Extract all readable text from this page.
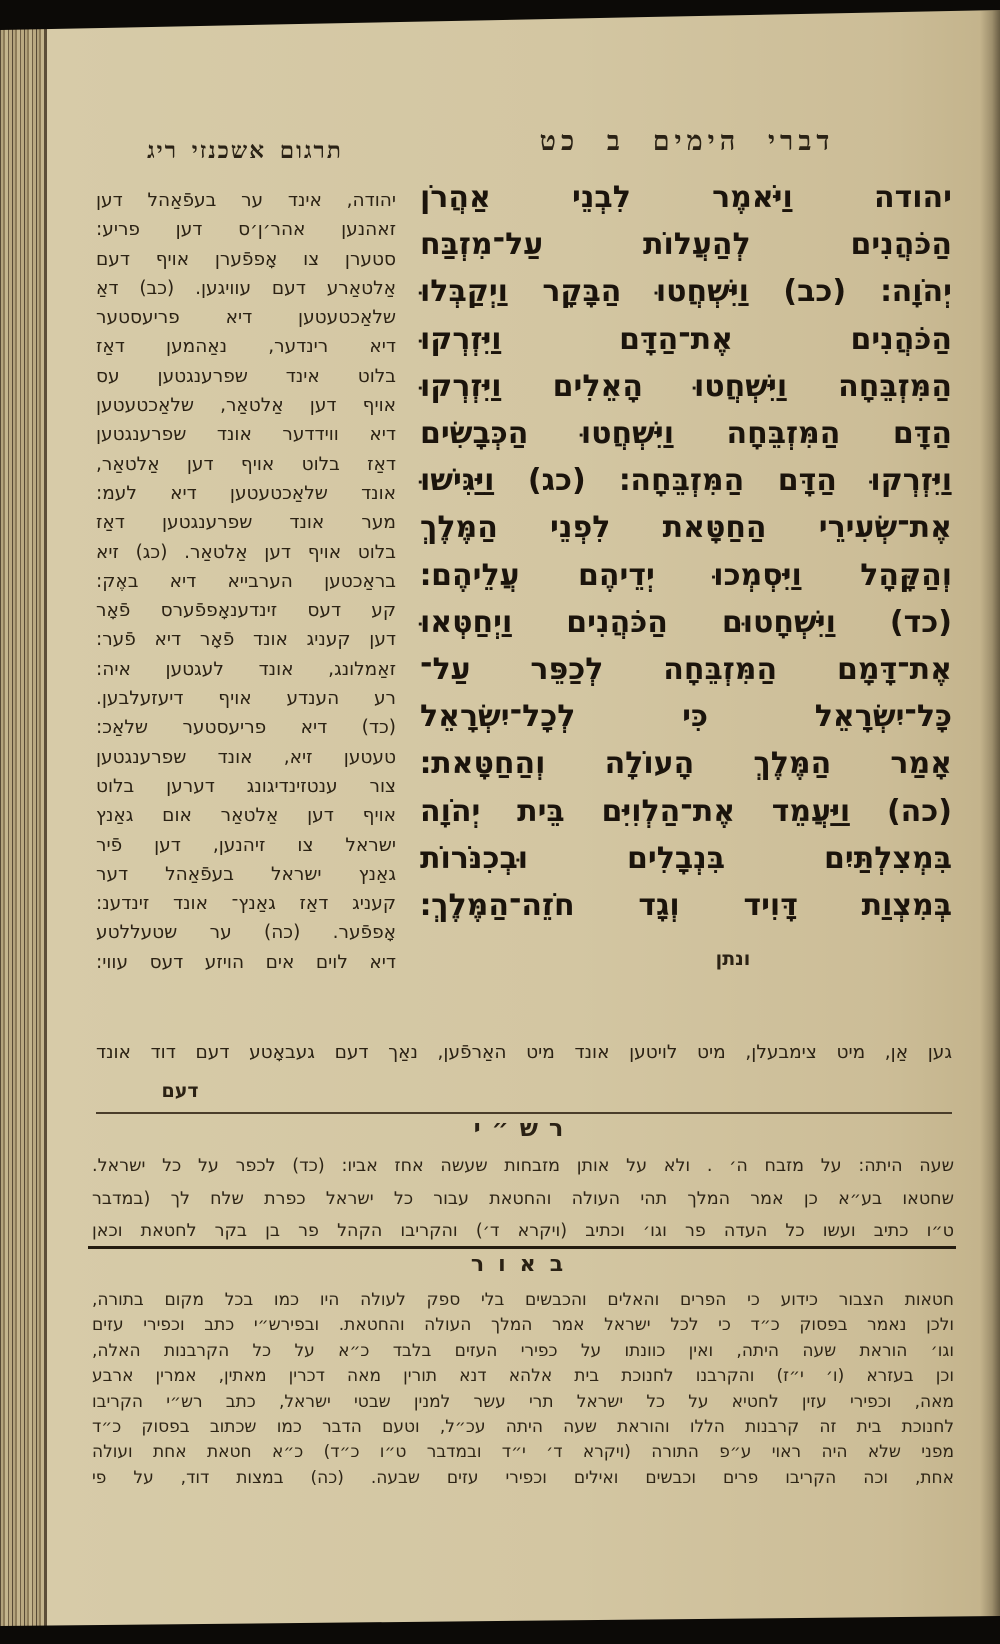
דברי הימים ב כט
תרגום אשכנזי ריג
יהודה וַיֹּאמֶר לִבְנֵי אַהֲרֹן
הַכֹּהֲנִים לְהַעֲלוֹת עַל־מִזְבַּח
יְהֹוָה׃ (כב) וַיִּשְׁחֲטוּ הַבָּקָר וַיְקַבְּלוּ
הַכֹּהֲנִים אֶת־הַדָּם וַיִּזְרְקוּ
הַמִּזְבֵּחָה וַיִּשְׁחֲטוּ הָאֵלִים וַיִּזְרְקוּ
הַדָּם הַמִּזְבֵּחָה וַיִּשְׁחֲטוּ הַכְּבָשִׂים
וַיִּזְרְקוּ הַדָּם הַמִּזְבֵּחָה׃ (כג) וַיַּגִּישׁוּ
אֶת־שְׂעִירֵי הַחַטָּאת לִפְנֵי הַמֶּלֶךְ
וְהַקָּהָל וַיִּסְמְכוּ יְדֵיהֶם עֲלֵיהֶם׃
(כד) וַיִּשְׁחָטוּם הַכֹּהֲנִים וַיְחַטְּאוּ
אֶת־דָּמָם הַמִּזְבֵּחָה לְכַפֵּר עַל־
כָּל־יִשְׂרָאֵל כִּי לְכָל־יִשְׂרָאֵל
אָמַר הַמֶּלֶךְ הָעוֹלָה וְהַחַטָּאת׃
(כה) וַיַּעֲמֵד אֶת־הַלְוִיִּם בֵּית יְהֹוָה
בִּמְצִלְתַּיִם בִּנְבָלִים וּבְכִנֹּרוֹת
בְּמִצְוַת דָּוִיד וְגָד חֹזֵה־הַמֶּלֶךְ׃
יהודה, אינד ער בעפֿאַהל דען
זאהנען אהר׳ן׳ס דען פריע:
סטערן צו אָפפֿערן אויף דעם
אַלטאַרע דעם עוויגען. (כב) דאַ
שלאַכטעטען דיא פריעסטער
דיא רינדער, נאַהמען דאַז
בלוט אינד שפרענגטען עס
אויף דען אַלטאַר, שלאַכטעטען
דיא ווידדער אונד שפרענגטען
דאַז בלוט אויף דען אַלטאַר,
אונד שלאַכטעטען דיא לעמ:
מער אונד שפרענגטען דאַז
בלוט אויף דען אַלטאַר. (כג) זיא
בראַכטען הערבייא דיא באֶק:
קע דעס זינדענאָפפֿערס פֿאָר
דען קעניג אונד פֿאָר דיא פֿער:
זאַמלונג, אונד לעגטען איה:
רע הענדע אויף דיעזעלבען.
(כד) דיא פריעסטער שלאַכ:
טעטען זיא, אונד שפרענגטען
צור ענטזינדיגונג דערען בלוט
אויף דען אַלטאַר אום גאַנץ
ישראל צו זיהנען, דען פֿיר
גאַנץ ישראל בעפֿאַהל דער
קעניג דאַז גאַנץ־ אונד זינדענ:
אָפפֿער. (כה) ער שטעללטע
דיא לוים אים הויזע דעס עווי:	ונתן
גען אַן, מיט צימבעלן, מיט לויטען אונד מיט האַרפֿען, נאַך דעם געבאָטע דעם דוד אונד
דעם
רש״י
שעה היתה: על מזבח ה׳ . ולא על אותן מזבחות שעשה אחז אביו: (כד) לכפר על כל ישראל.
שחטאו בע״א כן אמר המלך תהי העולה והחטאת עבור כל ישראל כפרת שלח לך (במדבר
ט״ו כתיב ועשו כל העדה פר וגו׳ וכתיב (ויקרא ד׳) והקריבו הקהל פר בן בקר לחטאת וכאן
באור
חטאות הצבור כידוע כי הפרים והאלים והכבשים בלי ספק לעולה היו כמו בכל מקום בתורה,
ולכן נאמר בפסוק כ״ד כי לכל ישראל אמר המלך העולה והחטאת. ובפירש״י כתב וכפירי עזים
וגו׳ הוראת שעה היתה, ואין כוונתו על כפירי העזים בלבד כ״א על כל הקרבנות האלה,
וכן בעזרא (ו׳ י״ז) והקרבנו לחנוכת בית אלהא דנא תורין מאה דכרין מאתין, אמרין ארבע
מאה, וכפירי עזין לחטיא על כל ישראל תרי עשר למנין שבטי ישראל, כתב רש״י הקריבו
לחנוכת בית זה קרבנות הללו והוראת שעה היתה עכ״ל, וטעם הדבר כמו שכתוב בפסוק כ״ד
מפני שלא היה ראוי ע״פ התורה (ויקרא ד׳ י״ד ובמדבר ט״ו כ״ד) כ״א חטאת אחת ועולה
אחת, וכה הקריבו פרים וכבשים ואילים וכפירי עזים שבעה. (כה) במצות דוד, על פי
